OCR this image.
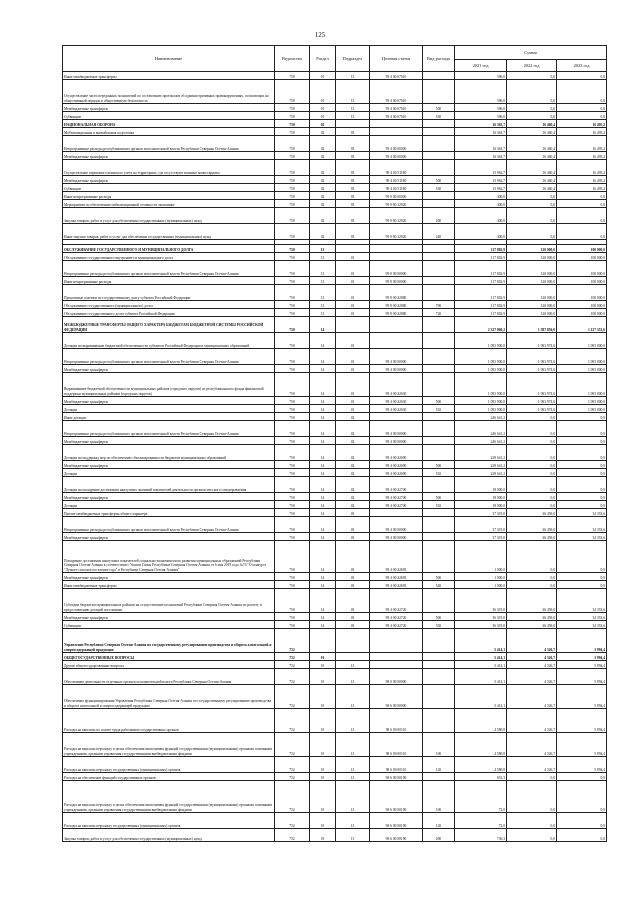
125
Наименование	Ведомство	Раздел	Подраздел	Целевая статья	Вид расхода	Сумма		
						2021 год	2022 год	2023 год
Иные межбюджетные трансферты	750	01	13	99 4 00 67010		396,0	0,0	0,0
Осуществление части переданных полномочий по составлению протоколов об административных правонарушениях, посягающих на общественный порядок и общественную безопасность	750	01	13	99 4 00 67010		396,0	0,0	0,0
Межбюджетные трансферты	750	01	13	99 4 00 67010	500	396,0	0,0	0,0
Субвенции	750	01	13	99 4 00 67010	530	396,0	0,0	0,0
НАЦИОНАЛЬНАЯ ОБОРОНА	750	02				16 363,7	16 460,4	16 495,2
Мобилизационная и вневойсковая подготовка	750	02	03			16 363,7	16 460,4	16 495,2
Непрограммные расходы республиканских органов исполнительной власти Республики Северная Осетия-Алания	750	02	03	99 4 00 00000		16 363,7	16 460,4	16 495,2
Межбюджетные трансферты	750	02	03	99 4 00 00000		16 363,7	16 460,4	16 495,2
Осуществление первичного воинского учета на территориях, где отсутствуют военные комиссариаты	750	02	03	99 4 00 51180		15 963,7	16 460,4	16 495,2
Межбюджетные трансферты	750	02	03	99 4 00 51180	500	15 963,7	16 460,4	16 495,2
Субвенции	750	02	03	99 4 00 51180	530	15 963,7	16 460,4	16 495,2
Иные непрограммные расходы	750	02	03	99 9 00 00000		400,0	0,0	0,0
Мероприятия по обеспечению мобилизационной готовности экономики	750	02	03	99 9 00 22920		400,0	0,0	0,0
Закупка товаров, работ и услуг для обеспечения государственных (муниципальных) нужд	750	02	03	99 9 00 22920	200	400,0	0,0	0,0
Иные закупки товаров, работ и услуг для обеспечения государственных (муниципальных) нужд	750	02	03	99 9 00 22920	240	400,0	0,0	0,0

ОБСЛУЖИВАНИЕ ГОСУДАРСТВЕННОГО И МУНИЦИПАЛЬНОГО ДОЛГА	750	13				117 802,9	120 000,0	100 000,0
Обслуживание государственного внутреннего и муниципального долга	750	13	01			117 802,9	120 000,0	100 000,0
Непрограммные расходы республиканских органов исполнительной власти Республики Северная Осетия-Алания	750	13	01	99 0 00 00000		117 802,9	120 000,0	100 000,0
Иные непрограммные расходы	750	13	01	99 9 00 00000		117 802,9	120 000,0	100 000,0
Процентные платежи по государственному долгу субъекта Российской Федерации	750	13	01	99 9 00 22880		117 802,9	120 000,0	100 000,0
Обслуживание государственного (муниципального) долга	750	13	01	99 9 00 22880	700	117 802,9	120 000,0	100 000,0
Обслуживание государственного долга субъекта Российской Федерации	750	13	01	99 9 00 22880	720	117 802,9	120 000,0	100 000,0
МЕЖБЮДЖЕТНЫЕ ТРАНСФЕРТЫ ОБЩЕГО ХАРАКТЕРА БЮДЖЕТАМ БЮДЖЕТНОЙ СИСТЕМЫ РОССИЙСКОЙ ФЕДЕРАЦИИ	750	14				2 327 860,2	1 587 856,0	1 127 353,6
Дотации на выравнивание бюджетной обеспеченности субъектов Российской Федерации и муниципальных образований	750	14	01			1 093 900,0	1 093 974,0	1 093 000,0
Непрограммные расходы республиканских органов исполнительной власти Республики Северная Осетия-Алания	750	14	01	99 4 00 00000		1 093 900,0	1 093 974,0	1 093 000,0
Межбюджетные трансферты	750	14	01	99 4 00 00000		1 093 900,0	1 093 974,0	1 093 000,0
Выравнивание бюджетной обеспеченности муниципальных районов (городских округов) из республиканского фонда финансовой поддержки муниципальных районов (городских округов)	750	14	01	99 4 00 22630		1 093 900,0	1 093 974,0	1 093 000,0
Межбюджетные трансферты	750	14	01	99 4 00 22630	500	1 093 900,0	1 093 974,0	1 093 000,0
Дотации	750	14	01	99 4 00 22630	510	1 093 900,0	1 093 974,0	1 093 000,0
Иные дотации	750	14	02			246 641,2	0,0	0,0
Непрограммные расходы республиканских органов исполнительной власти Республики Северная Осетия-Алания	750	14	02	99 4 00 00000		246 641,2	0,0	0,0
Межбюджетные трансферты	750	14	02	99 4 00 00000		246 641,2	0,0	0,0
Дотации на поддержку мер по обеспечению сбалансированности бюджетов муниципальных образований	750	14	02	99 4 00 22690		228 641,2	0,0	0,0
Межбюджетные трансферты	750	14	02	99 4 00 22690	500	228 641,2	0,0	0,0
Дотации	750	14	02	99 4 00 22690	510	228 641,2	0,0	0,0
Дотации на поощрение достижения наилучших значений показателей деятельности органов местного самоуправления	750	14	02	99 4 00 22700		18 000,0	0,0	0,0
Межбюджетные трансферты	750	14	02	99 4 00 22700	500	18 000,0	0,0	0,0
Дотации	750	14	02	99 4 00 22700	510	18 000,0	0,0	0,0
Прочие межбюджетные трансферты общего характера	750	14	03			37 319,0	36 459,0	34 353,6
Непрограммные расходы республиканских органов исполнительной власти Республики Северная Осетия-Алания	750	14	03	99 4 00 00000		37 319,0	36 459,0	34 353,6
Межбюджетные трансферты	750	14	03	99 4 00 00000		37 319,0	36 459,0	34 353,6
Поощрение достижения наилучших показателей социально-экономического развития муниципальных образований Республики Северная Осетия-Алания в соответствии с Указом Главы Республики Северная Осетия-Алания от 6 мая 2019 года №74 "О конкурсе "Лучшее сельское поселение года" в Республике Северная Осетия-Алания"	750	14	03	99 4 00 22695		1 000,0	0,0	0,0
Межбюджетные трансферты	750	14	03	99 4 00 22695	500	1 000,0	0,0	0,0
Иные межбюджетные трансферты	750	14	03	99 4 00 22695	540	1 000,0	0,0	0,0
Субсидии бюджетам муниципальных районов на осуществление полномочий Республики Северная Осетия-Алания по расчету и предоставлению дотаций поселениям	750	14	03	99 4 00 22720		36 319,0	36 459,0	34 353,6
Межбюджетные трансферты	750	14	03	99 4 00 22720	500	36 319,0	36 459,0	34 353,6
Субвенции	750	14	03	99 4 00 22720	530	36 319,0	36 459,0	34 353,6
Управление Республики Северная Осетия-Алания по государственному регулированию производства и оборота алкогольной и спиртосодержащей продукции	752					5 414,1	4 326,7	3 994,4
ОБЩЕГОСУДАРСТВЕННЫЕ ВОПРОСЫ	752	01				5 414,1	4 326,7	3 994,4
Другие общегосударственные вопросы	752	01	13			5 414,1	4 326,7	3 994,4
Обеспечение деятельности отдельных органов исполнительной власти Республики Северная Осетия-Алания	752	01	13	98 0 00 00000		5 414,1	4 326,7	3 994,4
Обеспечение функционирования Управления Республики Северная Осетия-Алания по государственному регулированию производства и оборота алкогольной и спиртосодержащей продукции	752	01	13	98 6 00 00000		5 414,1	4 326,7	3 994,4
Расходы на выплаты по оплате труда работников государственных органов	752	01	13	98 6 00 00110		4 580,8	4 326,7	3 994,4
Расходы на выплаты персоналу в целях обеспечения выполнения функций государственными (муниципальными) органами, казенными учреждениями, органами управления государственными внебюджетными фондами	752	01	13	98 6 00 00110	100	4 580,8	4 326,7	3 994,4
Расходы на выплаты персоналу государственных (муниципальных) органов	752	01	13	98 6 00 00110	120	4 580,8	4 326,7	3 994,4
Расходы на обеспечение функций государственных органов	752	01	13	98 6 00 00190		833,3	0,0	0,0
Расходы на выплаты персоналу в целях обеспечения выполнения функций государственными (муниципальными) органами, казенными учреждениями, органами управления государственными внебюджетными фондами	752	01	13	98 6 00 00190	100	72,0	0,0	0,0
Расходы на выплаты персоналу государственных (муниципальных) органов	752	01	13	98 6 00 00190	120	72,0	0,0	0,0
Закупка товаров, работ и услуг для обеспечения государственных (муниципальных) нужд	752	01	13	98 6 00 00190	200	736,3	0,0	0,0
